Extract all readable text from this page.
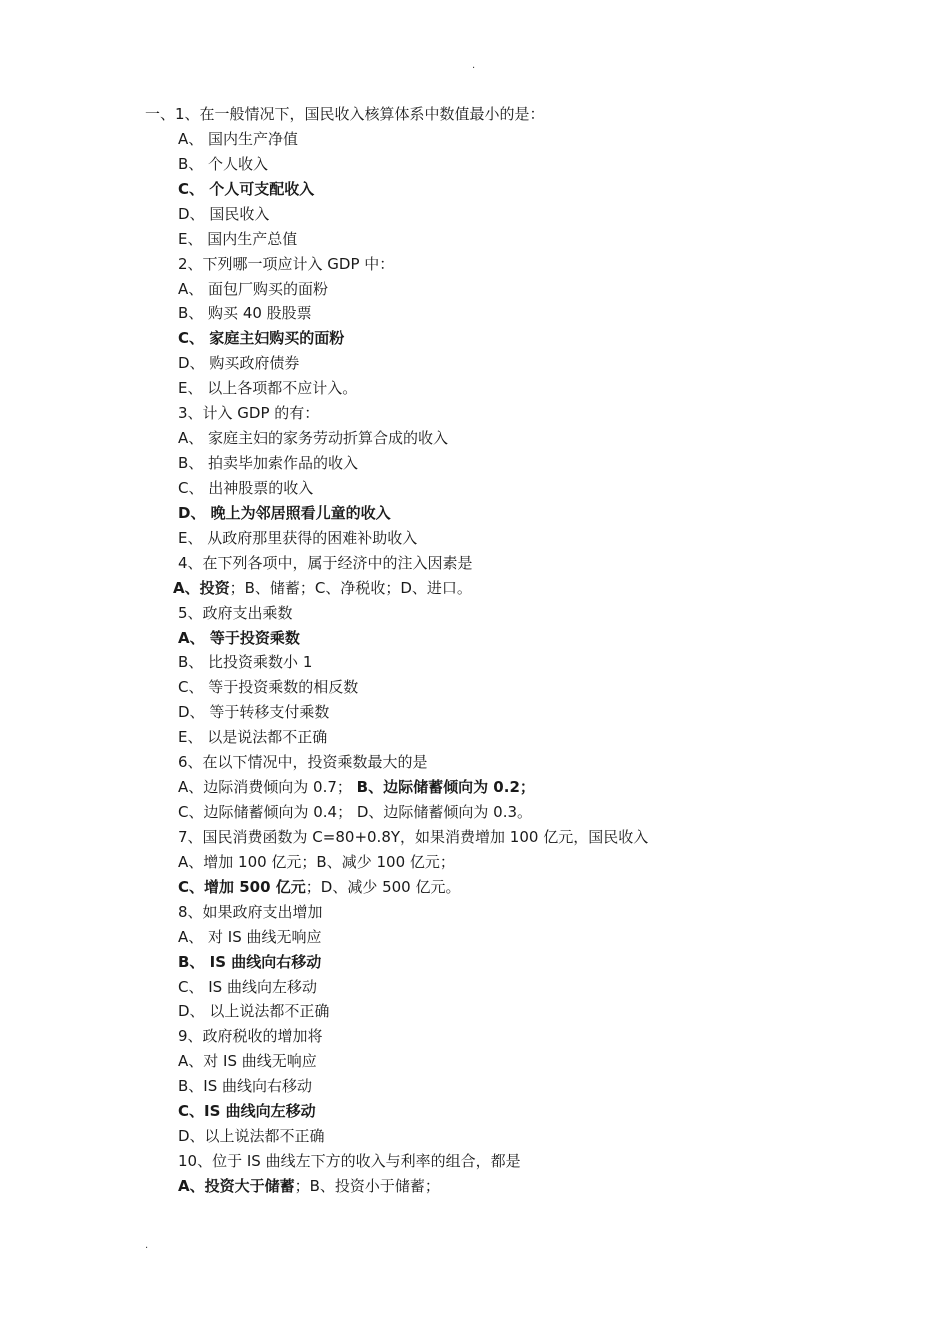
.
一、1、在一般情况下，国民收入核算体系中数值最小的是：
A、 国内生产净值
B、 个人收入
C、 个人可支配收入
D、 国民收入
E、 国内生产总值
2、下列哪一项应计入 GDP 中：
A、 面包厂购买的面粉
B、 购买 40 股股票
C、 家庭主妇购买的面粉
D、 购买政府债券
E、 以上各项都不应计入。
3、计入 GDP 的有：
A、 家庭主妇的家务劳动折算合成的收入
B、 拍卖毕加索作品的收入
C、 出神股票的收入
D、 晚上为邻居照看儿童的收入
E、 从政府那里获得的困难补助收入
4、在下列各项中，属于经济中的注入因素是
A、投资；B、储蓄；C、净税收；D、进口。
5、政府支出乘数
A、 等于投资乘数
B、 比投资乘数小 1
C、 等于投资乘数的相反数
D、 等于转移支付乘数
E、 以是说法都不正确
6、在以下情况中，投资乘数最大的是
A、边际消费倾向为 0.7； B、边际储蓄倾向为 0.2；
C、边际储蓄倾向为 0.4； D、边际储蓄倾向为 0.3。
7、国民消费函数为 C=80+0.8Y，如果消费增加 100 亿元，国民收入
A、增加 100 亿元；B、减少 100 亿元；
C、增加 500 亿元；D、减少 500 亿元。
8、如果政府支出增加
A、 对 IS 曲线无响应
B、 IS 曲线向右移动
C、 IS 曲线向左移动
D、 以上说法都不正确
9、政府税收的增加将
A、对 IS 曲线无响应
B、IS 曲线向右移动
C、IS 曲线向左移动
D、以上说法都不正确
10、位于 IS 曲线左下方的收入与利率的组合，都是
A、投资大于储蓄；B、投资小于储蓄；
.
